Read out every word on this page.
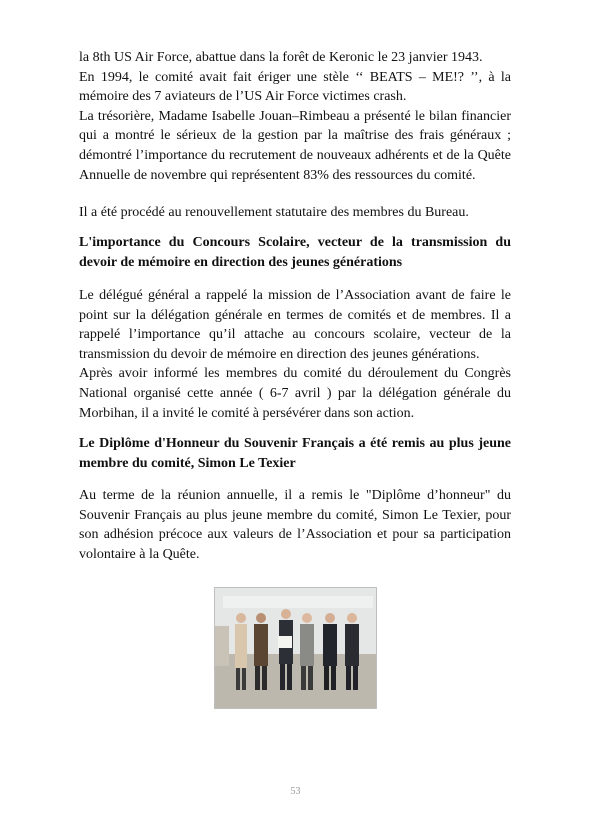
la 8th US Air Force, abattue dans la forêt de Keronic le 23 janvier 1943.

En 1994, le comité avait fait ériger une stèle ‘‘ BEATS – ME!? ’’, à la mémoire des 7 aviateurs de l’US Air Force victimes crash.

La trésorière, Madame Isabelle Jouan–Rimbeau a présenté le bilan financier qui a montré le sérieux de la gestion par la maîtrise des frais généraux ; démontré l’importance du recrutement de nouveaux adhérents et de la Quête Annuelle de novembre qui représentent 83% des ressources du comité.

Il a été procédé au renouvellement statutaire des membres du Bureau.

L'importance du Concours Scolaire, vecteur de la transmission du devoir de mémoire en direction des jeunes générations

Le délégué général a rappelé la mission de l’Association avant de faire le point sur la délégation générale en termes de comités et de membres. Il a rappelé l’importance qu’il attache au concours scolaire, vecteur de la transmission du devoir de mémoire en direction des jeunes générations.

Après avoir informé les membres du comité du déroulement du Congrès National organisé cette année ( 6-7 avril ) par la délégation générale du Morbihan, il a invité le comité à persévérer dans son action.

Le Diplôme d'Honneur du Souvenir Français a été remis au plus jeune membre du comité, Simon Le Texier

Au terme de la réunion annuelle, il a remis le "Diplôme d’honneur" du Souvenir Français au plus jeune membre du comité, Simon Le Texier, pour son adhésion précoce aux valeurs de l’Association et pour sa participation volontaire à la Quête.

53
